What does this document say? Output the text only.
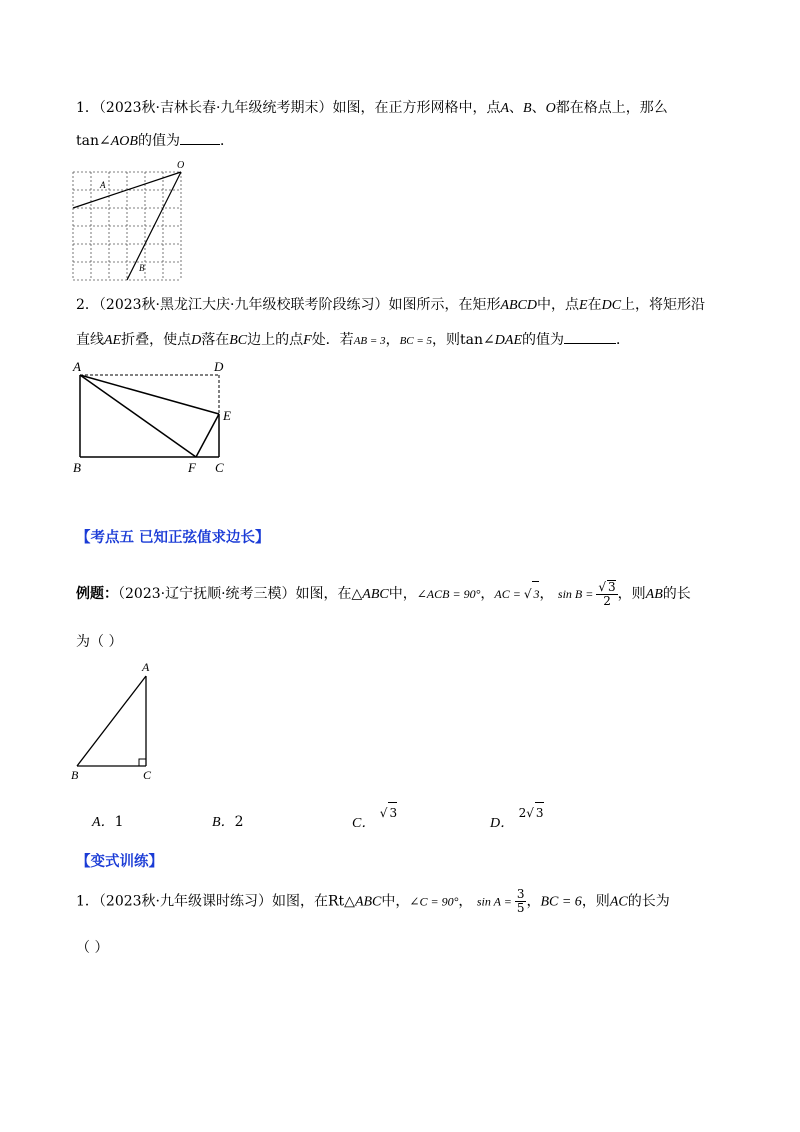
1．（2023秋·吉林长春·九年级统考期末）如图，在正方形网格中，点A、B、O都在格点上，那么
tan∠AOB的值为	．
O
A
B
2．（2023秋·黑龙江大庆·九年级校联考阶段练习）如图所示，在矩形ABCD中，点E在DC上，将矩形沿
直线AE折叠，使点D落在BC边上的点F处．若AB = 3，BC = 5，则tan∠DAE的值为	．
A	D
E
B	F C
【考点五 已知正弦值求边长】
例题：（2023·辽宁抚顺·统考三模）如图，在△ABC中，∠ACB = 90°，AC = √ 3， $\sin B = \frac{√ 3}{2}$ ，则AB的长
为（ ）
A
B	C
A．1	B．2	C． √ 3
D． 2√ 3
【变式训练】
1．（2023秋·九年级课时练习）如图，在Rt△ABC中，∠C = 90°， $\sin A = \frac{3}{5}$ ，BC = 6，则AC的长为
（ ）
